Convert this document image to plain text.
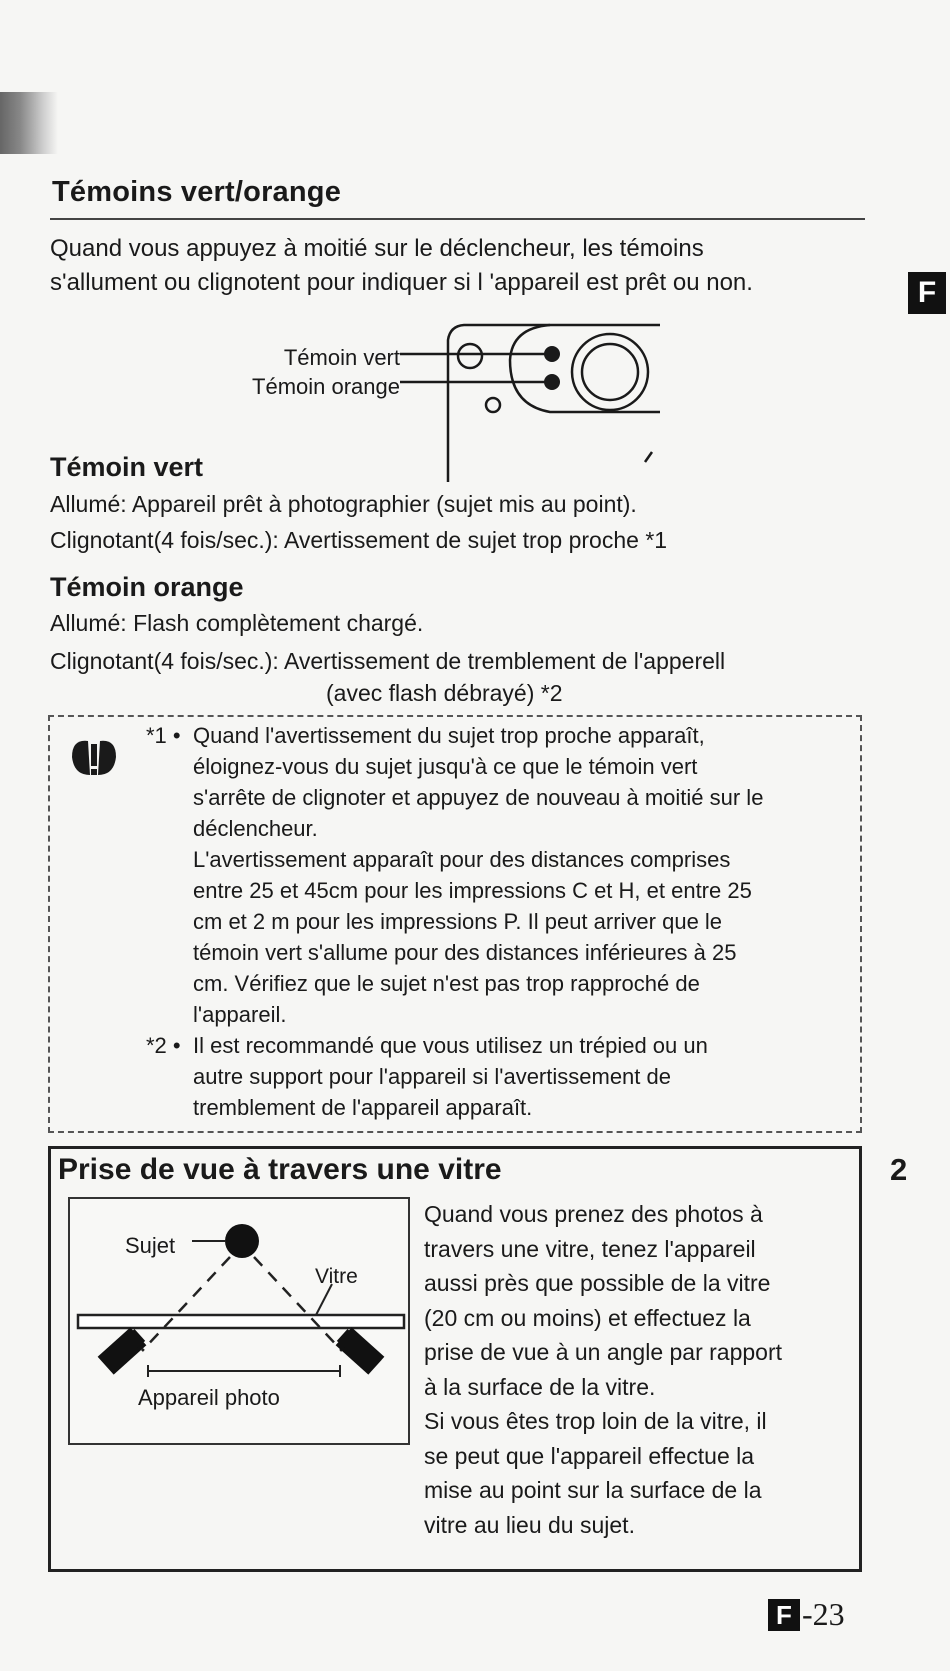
Témoins vert/orange
Quand vous appuyez à moitié sur le déclencheur, les témoins
s'allument ou clignotent pour indiquer si l 'appareil est prêt ou non.	F
Témoin vert
Témoin orange
Témoin vert
Allumé: Appareil prêt à photographier (sujet mis au point).
Clignotant(4 fois/sec.): Avertissement de sujet trop proche *1
Témoin orange
Allumé: Flash complètement chargé.
Clignotant(4 fois/sec.): Avertissement de tremblement de l'apperell
(avec flash débrayé) *2
*1 • Quand l'avertissement du sujet trop proche apparaît,
éloignez-vous du sujet jusqu'à ce que le témoin vert
s'arrête de clignoter et appuyez de nouveau à moitié sur le
déclencheur.
L'avertissement apparaît pour des distances comprises
entre 25 et 45cm pour les impressions C et H, et entre 25
cm et 2 m pour les impressions P. Il peut arriver que le
témoin vert s'allume pour des distances inférieures à 25
cm. Vérifiez que le sujet n'est pas trop rapproché de
l'appareil.
*2 • Il est recommandé que vous utilisez un trépied ou un
autre support pour l'appareil si l'avertissement de
tremblement de l'appareil apparaît.
Prise de vue à travers une vitre	2
Sujet
Vitre
Appareil photo
Quand vous prenez des photos à
travers une vitre, tenez l'appareil
aussi près que possible de la vitre
(20 cm ou moins) et effectuez la
prise de vue à un angle par rapport
à la surface de la vitre.
Si vous êtes trop loin de la vitre, il
se peut que l'appareil effectue la
mise au point sur la surface de la
vitre au lieu du sujet.
F -23
